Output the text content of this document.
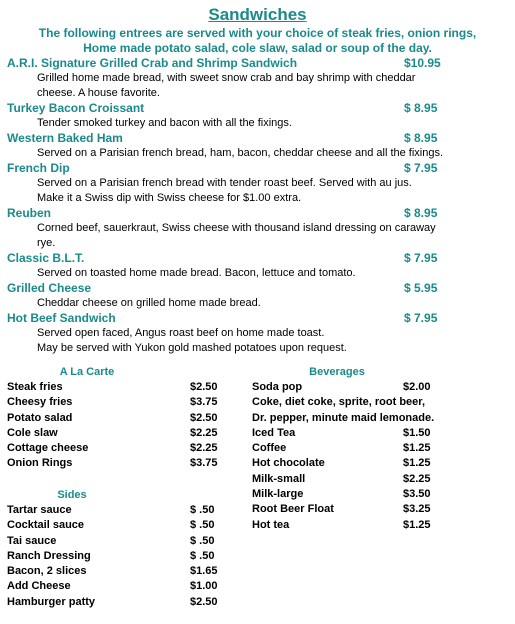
Sandwiches
The following entrees are served with your choice of steak fries, onion rings,
Home made potato salad, cole slaw, salad or soup of the day.
A.R.I. Signature Grilled Crab and Shrimp Sandwich	$10.95
Grilled home made bread, with sweet snow crab and bay shrimp with cheddar
cheese. A house favorite.
Turkey Bacon Croissant	$ 8.95
Tender smoked turkey and bacon with all the fixings.
Western Baked Ham	$ 8.95
Served on a Parisian french bread, ham, bacon, cheddar cheese and all the fixings.
French Dip	$ 7.95
Served on a Parisian french bread with tender roast beef. Served with au jus.
Make it a Swiss dip with Swiss cheese for $1.00 extra.
Reuben	$ 8.95
Corned beef, sauerkraut, Swiss cheese with thousand island dressing on caraway
rye.
Classic B.L.T.	$ 7.95
Served on toasted home made bread. Bacon, lettuce and tomato.
Grilled Cheese	$ 5.95
Cheddar cheese on grilled home made bread.
Hot Beef Sandwich	$ 7.95
Served open faced, Angus roast beef on home made toast.
May be served with Yukon gold mashed potatoes upon request.
A La Carte
Steak fries	$2.50
Cheesy fries	$3.75
Potato salad	$2.50
Cole slaw	$2.25
Cottage cheese	$2.25
Onion Rings	$3.75
Sides
Tartar sauce	$ .50
Cocktail sauce	$ .50
Tai sauce	$ .50
Ranch Dressing	$ .50
Bacon, 2 slices	$1.65
Add Cheese	$1.00
Hamburger patty	$2.50
Beverages
Soda pop	$2.00
Coke, diet coke, sprite, root beer,
Dr. pepper, minute maid lemonade.
Iced Tea	$1.50
Coffee	$1.25
Hot chocolate	$1.25
Milk-small	$2.25
Milk-large	$3.50
Root Beer Float	$3.25
Hot tea	$1.25
